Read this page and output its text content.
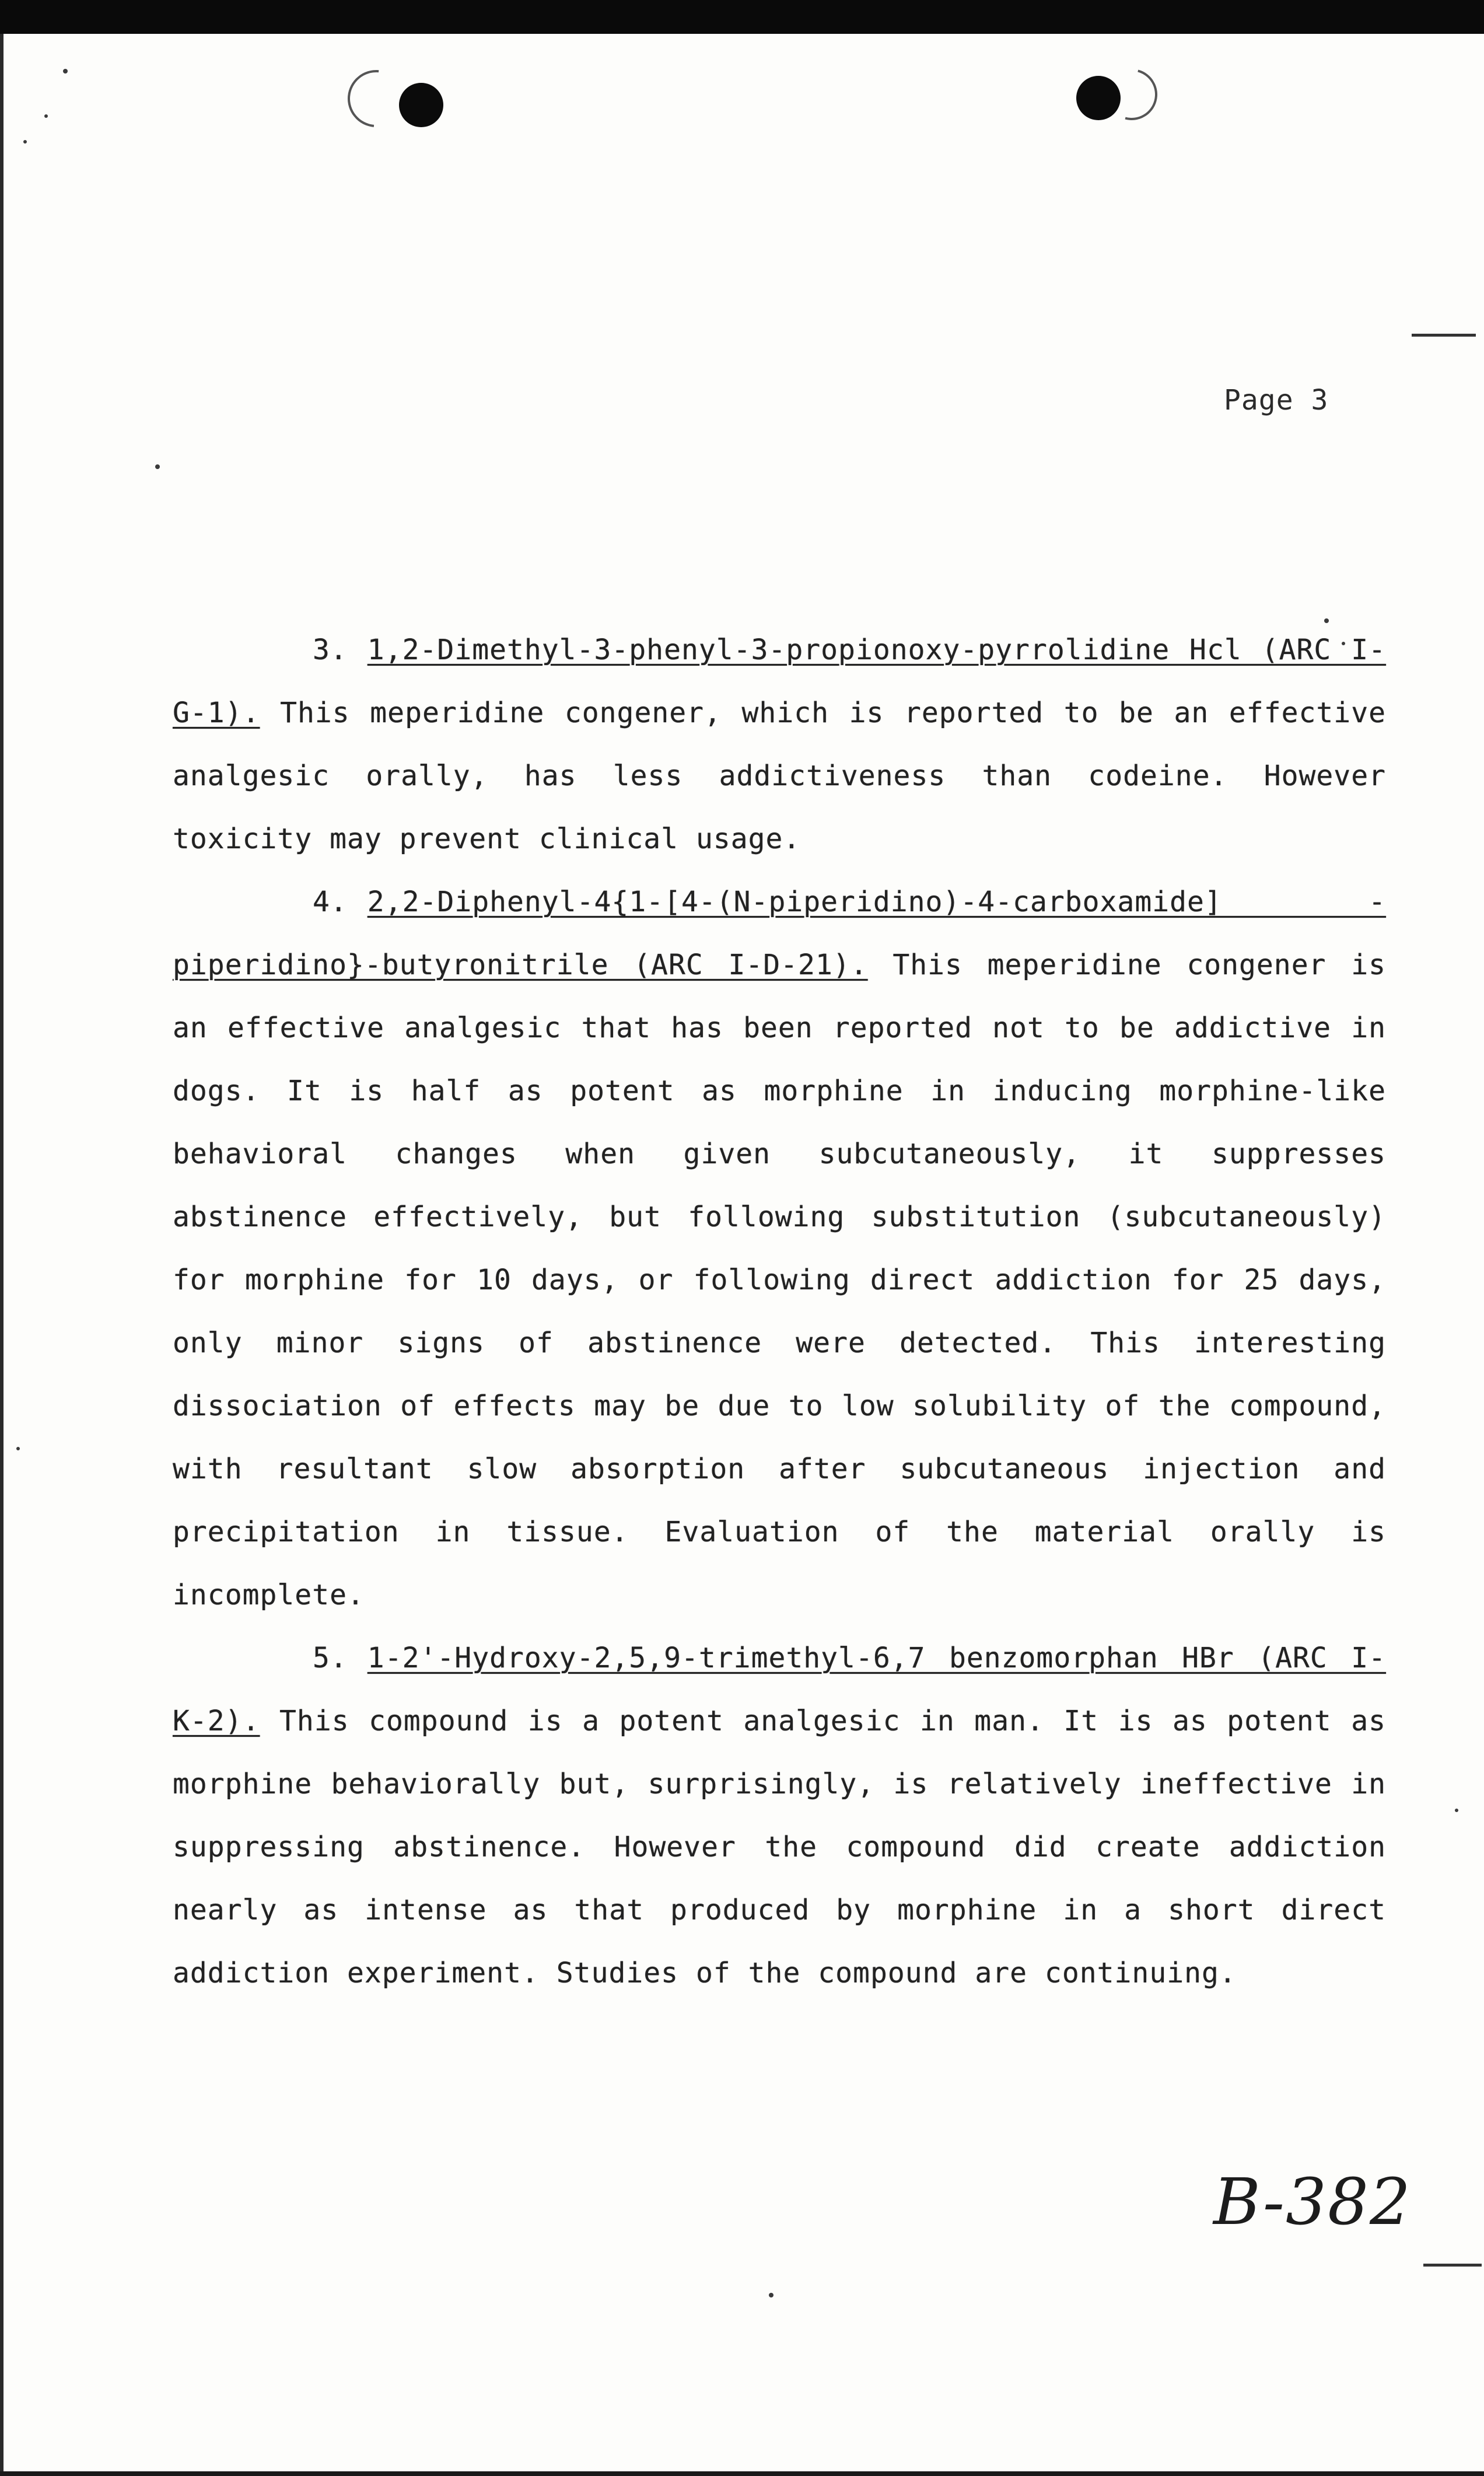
Page 3

3. 1,2-Dimethyl-3-phenyl-3-propionoxy-pyrrolidine Hcl (ARC I-G-1). This meperidine congener, which is reported to be an effective analgesic orally, has less addictiveness than codeine. However toxicity may prevent clinical usage.

4. 2,2-Diphenyl-4{1-[4-(N-piperidino)-4-carboxamide] -piperidino}-butyronitrile (ARC I-D-21). This meperidine congener is an effective analgesic that has been reported not to be addictive in dogs. It is half as potent as morphine in inducing morphine-like behavioral changes when given subcutaneously, it suppresses abstinence effectively, but following substitution (subcutaneously) for morphine for 10 days, or following direct addiction for 25 days, only minor signs of abstinence were detected. This interesting dissociation of effects may be due to low solubility of the compound, with resultant slow absorption after subcutaneous injection and precipitation in tissue. Evaluation of the material orally is incomplete.

5. 1-2'-Hydroxy-2,5,9-trimethyl-6,7 benzomorphan HBr (ARC I-K-2). This compound is a potent analgesic in man. It is as potent as morphine behaviorally but, surprisingly, is relatively ineffective in suppressing abstinence. However the compound did create addiction nearly as intense as that produced by morphine in a short direct addiction experiment. Studies of the compound are continuing.

B-382
